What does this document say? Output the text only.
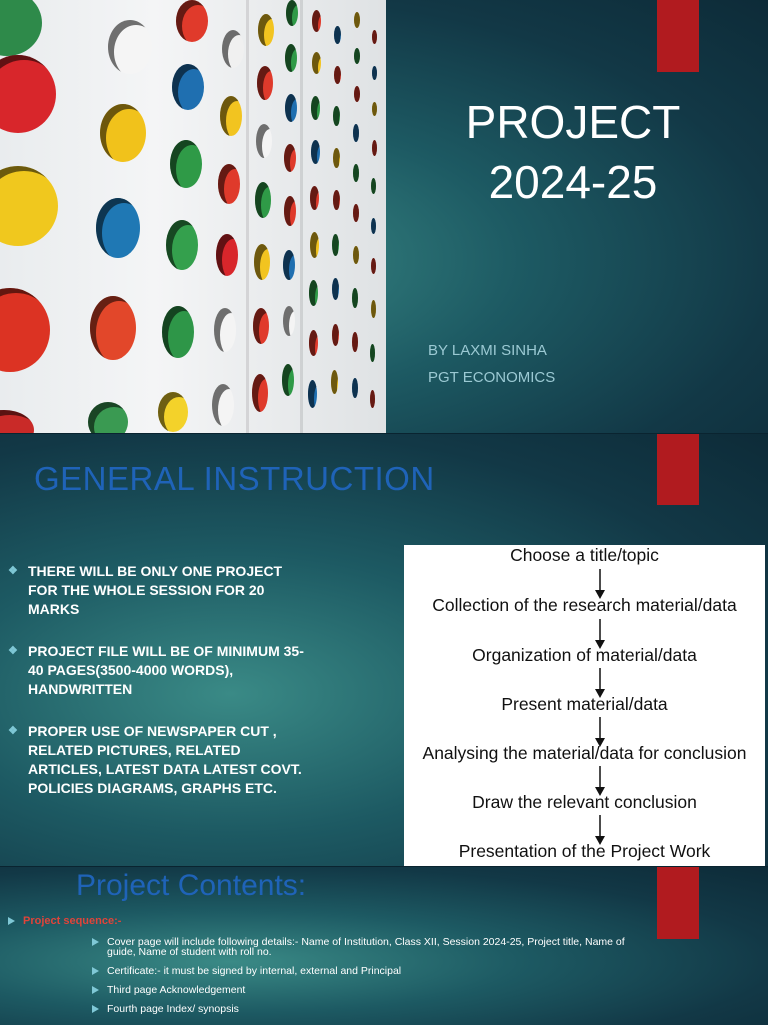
PROJECT
2024-25
BY LAXMI SINHA
PGT ECONOMICS
GENERAL INSTRUCTION
❖ THERE WILL BE ONLY ONE PROJECT FOR THE WHOLE SESSION FOR 20 MARKS
❖ PROJECT FILE WILL BE OF MINIMUM 35-40 PAGES(3500-4000 WORDS), HANDWRITTEN
❖ PROPER USE OF NEWSPAPER CUT , RELATED PICTURES, RELATED ARTICLES, LATEST DATA LATEST COVT. POLICIES DIAGRAMS, GRAPHS ETC.
Choose a title/topic
Collection of the research material/data
Organization of material/data
Present material/data
Analysing the material/data for conclusion
Draw the relevant conclusion
Presentation of the Project Work
Project Contents:
Project sequence:-
Cover page will include following details:- Name of Institution, Class XII, Session 2024-25, Project title, Name of guide, Name of student with roll no.
Certificate:- it must be signed by internal, external and Principal
Third page Acknowledgement
Fourth page Index/ synopsis
